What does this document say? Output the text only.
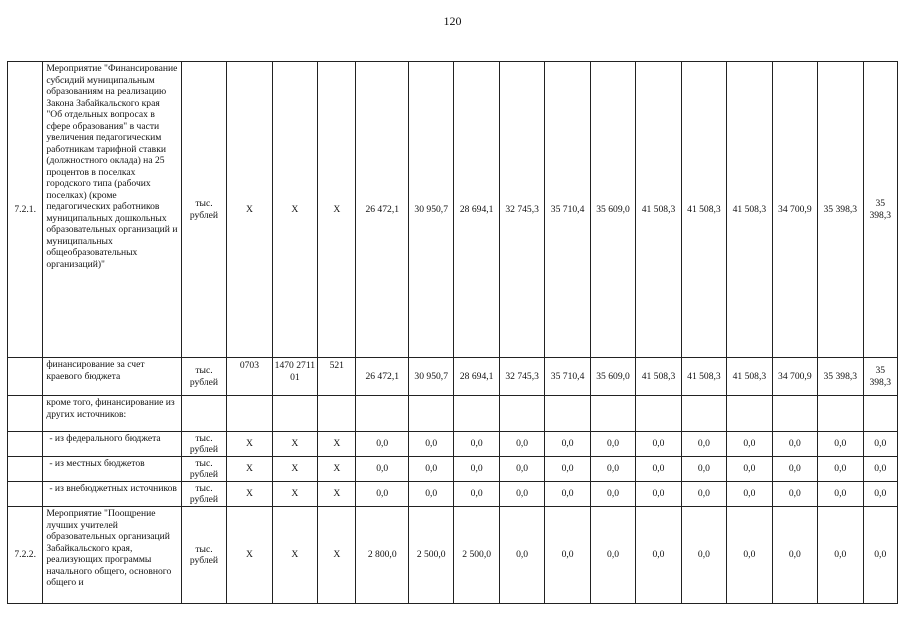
120
7.2.1.	Мероприятие "Финансирование субсидий муниципальным образованиям на реализацию Закона Забайкальского края "Об отдельных вопросах в сфере образования" в части увеличения педагогическим работникам тарифной ставки (должностного оклада) на 25 процентов в поселках городского типа (рабочих поселках) (кроме педагогических работников муниципальных дошкольных образовательных организаций и муниципальных общеобразовательных организаций)"	тыс. рублей	X	X	X	26 472,1	30 950,7	28 694,1	32 745,3	35 710,4	35 609,0	41 508,3	41 508,3	41 508,3	34 700,9	35 398,3	35 398,3
	финансирование за счет краевого бюджета	тыс. рублей	0703	1470 2711 01	521	26 472,1	30 950,7	28 694,1	32 745,3	35 710,4	35 609,0	41 508,3	41 508,3	41 508,3	34 700,9	35 398,3	35 398,3
	кроме того, финансирование из других источников:																
	- из федерального бюджета	тыс. рублей	X	X	X	0,0	0,0	0,0	0,0	0,0	0,0	0,0	0,0	0,0	0,0	0,0	0,0
	- из местных бюджетов	тыс. рублей	X	X	X	0,0	0,0	0,0	0,0	0,0	0,0	0,0	0,0	0,0	0,0	0,0	0,0
	- из внебюджетных источников	тыс. рублей	X	X	X	0,0	0,0	0,0	0,0	0,0	0,0	0,0	0,0	0,0	0,0	0,0	0,0
7.2.2.	Мероприятие "Поощрение лучших учителей образовательных организаций Забайкальского края, реализующих программы начального общего, основного общего и	тыс. рублей	X	X	X	2 800,0	2 500,0	2 500,0	0,0	0,0	0,0	0,0	0,0	0,0	0,0	0,0	0,0
